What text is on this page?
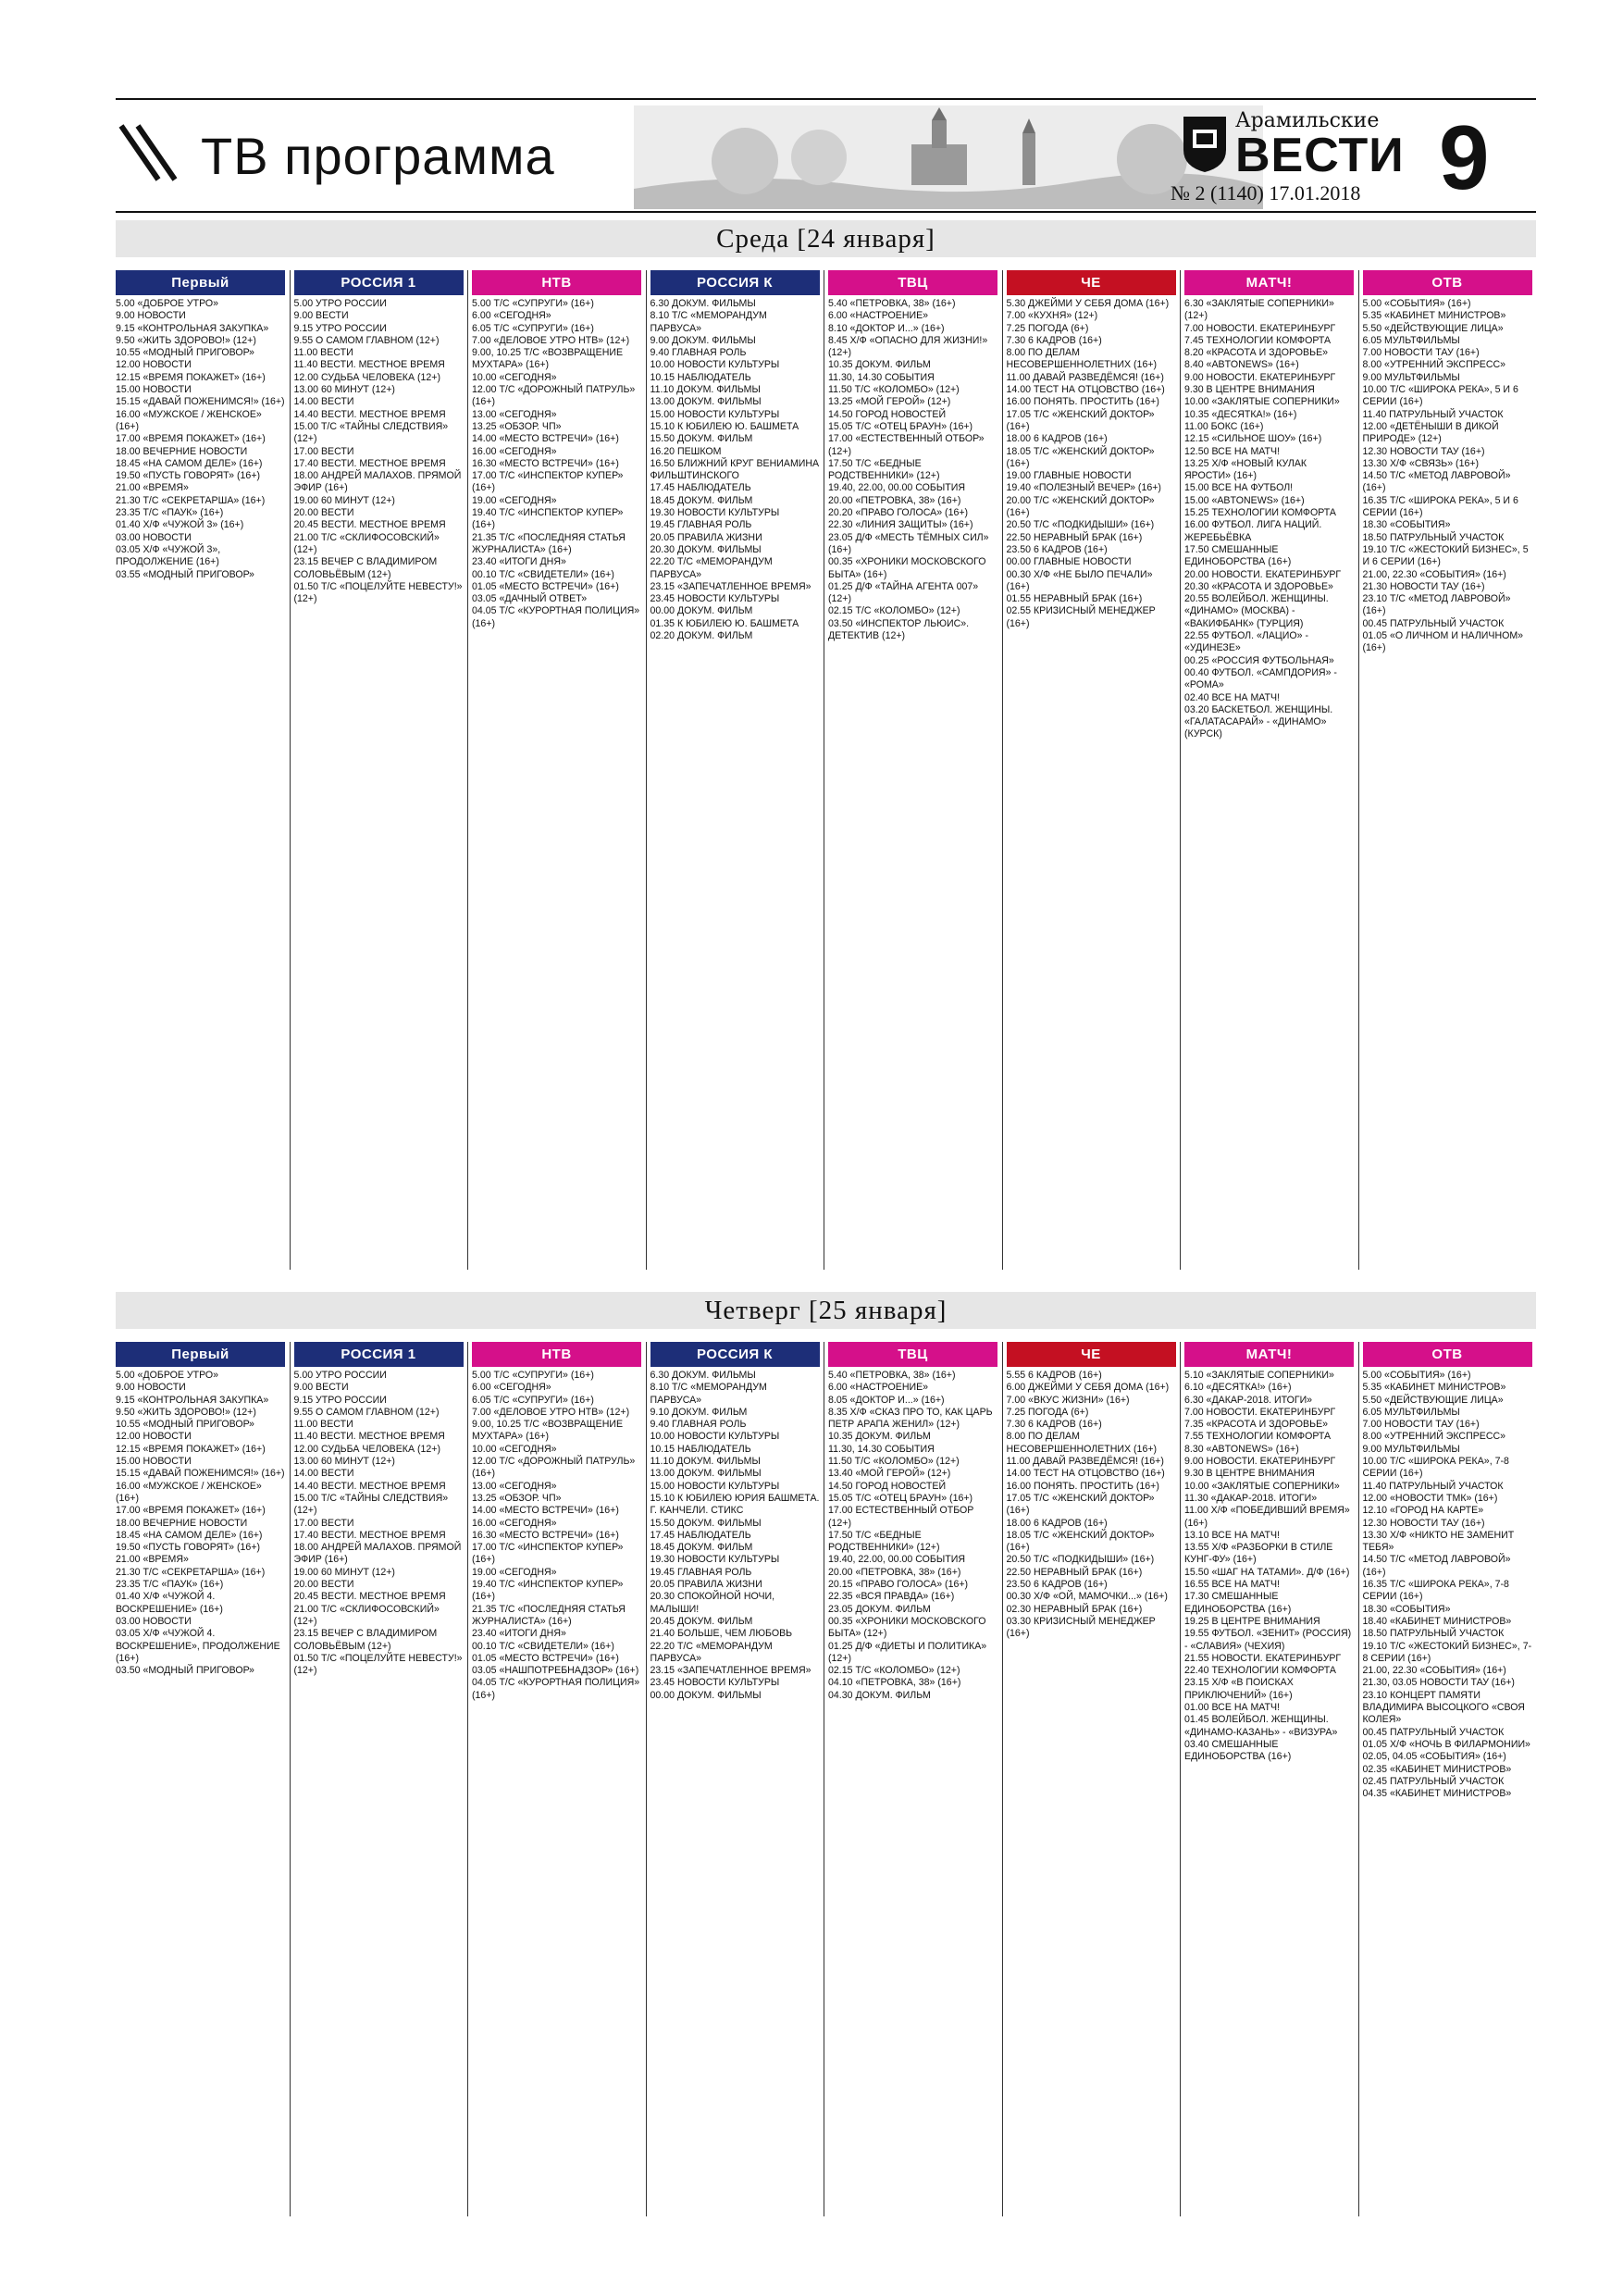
ТВ программа
Арамильские
ВЕСТИ
№ 2 (1140) 17.01.2018 9
Среда [24 января]
Первый
5.00 «ДОБРОЕ УТРО»
9.00 НОВОСТИ
9.15 «КОНТРОЛЬНАЯ ЗАКУПКА»
9.50 «ЖИТЬ ЗДОРОВО!» (12+)
10.55 «МОДНЫЙ ПРИГОВОР»
12.00 НОВОСТИ
12.15 «ВРЕМЯ ПОКАЖЕТ» (16+)
15.00 НОВОСТИ
15.15 «ДАВАЙ ПОЖЕНИМСЯ!» (16+)
16.00 «МУЖСКОЕ / ЖЕНСКОЕ» (16+)
17.00 «ВРЕМЯ ПОКАЖЕТ» (16+)
18.00 ВЕЧЕРНИЕ НОВОСТИ
18.45 «НА САМОМ ДЕЛЕ» (16+)
19.50 «ПУСТЬ ГОВОРЯТ» (16+)
21.00 «ВРЕМЯ»
21.30 Т/С «СЕКРЕТАРША» (16+)
23.35 Т/С «ПАУК» (16+)
01.40 Х/Ф «ЧУЖОЙ 3» (16+)
03.00 НОВОСТИ
03.05 Х/Ф «ЧУЖОЙ 3», ПРОДОЛЖЕНИЕ (16+)
03.55 «МОДНЫЙ ПРИГОВОР»
РОССИЯ 1
5.00 УТРО РОССИИ
9.00 ВЕСТИ
9.15 УТРО РОССИИ
9.55 О САМОМ ГЛАВНОМ (12+)
11.00 ВЕСТИ
11.40 ВЕСТИ. МЕСТНОЕ ВРЕМЯ
12.00 СУДЬБА ЧЕЛОВЕКА (12+)
13.00 60 МИНУТ (12+)
14.00 ВЕСТИ
14.40 ВЕСТИ. МЕСТНОЕ ВРЕМЯ
15.00 Т/С «ТАЙНЫ СЛЕДСТВИЯ» (12+)
17.00 ВЕСТИ
17.40 ВЕСТИ. МЕСТНОЕ ВРЕМЯ
18.00 АНДРЕЙ МАЛАХОВ. ПРЯМОЙ ЭФИР (16+)
19.00 60 МИНУТ (12+)
20.00 ВЕСТИ
20.45 ВЕСТИ. МЕСТНОЕ ВРЕМЯ
21.00 Т/С «СКЛИФОСОВСКИЙ» (12+)
23.15 ВЕЧЕР С ВЛАДИМИРОМ СОЛОВЬЁВЫМ (12+)
01.50 Т/С «ПОЦЕЛУЙТЕ НЕВЕСТУ!» (12+)
НТВ
5.00 Т/С «СУПРУГИ» (16+)
6.00 «СЕГОДНЯ»
6.05 Т/С «СУПРУГИ» (16+)
7.00 «ДЕЛОВОЕ УТРО НТВ» (12+)
9.00, 10.25 Т/С «ВОЗВРАЩЕНИЕ МУХТАРА» (16+)
10.00 «СЕГОДНЯ»
12.00 Т/С «ДОРОЖНЫЙ ПАТРУЛЬ» (16+)
13.00 «СЕГОДНЯ»
13.25 «ОБЗОР. ЧП»
14.00 «МЕСТО ВСТРЕЧИ» (16+)
16.00 «СЕГОДНЯ»
16.30 «МЕСТО ВСТРЕЧИ» (16+)
17.00 Т/С «ИНСПЕКТОР КУПЕР» (16+)
19.00 «СЕГОДНЯ»
19.40 Т/С «ИНСПЕКТОР КУПЕР» (16+)
21.35 Т/С «ПОСЛЕДНЯЯ СТАТЬЯ ЖУРНАЛИСТА» (16+)
23.40 «ИТОГИ ДНЯ»
00.10 Т/С «СВИДЕТЕЛИ» (16+)
01.05 «МЕСТО ВСТРЕЧИ» (16+)
03.05 «ДАЧНЫЙ ОТВЕТ»
04.05 Т/С «КУРОРТНАЯ ПОЛИЦИЯ» (16+)
РОССИЯ К
6.30 ДОКУМ. ФИЛЬМЫ
8.10 Т/С «МЕМОРАНДУМ ПАРВУСА»
9.00 ДОКУМ. ФИЛЬМЫ
9.40 ГЛАВНАЯ РОЛЬ
10.00 НОВОСТИ КУЛЬТУРЫ
10.15 НАБЛЮДАТЕЛЬ
11.10 ДОКУМ. ФИЛЬМЫ
13.00 ДОКУМ. ФИЛЬМЫ
15.00 НОВОСТИ КУЛЬТУРЫ
15.10 К ЮБИЛЕЮ Ю. БАШМЕТА
15.50 ДОКУМ. ФИЛЬМ
16.20 ПЕШКОМ
16.50 БЛИЖНИЙ КРУГ ВЕНИАМИНА ФИЛЬШТИНСКОГО
17.45 НАБЛЮДАТЕЛЬ
18.45 ДОКУМ. ФИЛЬМ
19.30 НОВОСТИ КУЛЬТУРЫ
19.45 ГЛАВНАЯ РОЛЬ
20.05 ПРАВИЛА ЖИЗНИ
20.30 ДОКУМ. ФИЛЬМЫ
22.20 Т/С «МЕМОРАНДУМ ПАРВУСА»
23.15 «ЗАПЕЧАТЛЕННОЕ ВРЕМЯ»
23.45 НОВОСТИ КУЛЬТУРЫ
00.00 ДОКУМ. ФИЛЬМ
01.35 К ЮБИЛЕЮ Ю. БАШМЕТА
02.20 ДОКУМ. ФИЛЬМ
ТВЦ
5.40 «ПЕТРОВКА, 38» (16+)
6.00 «НАСТРОЕНИЕ»
8.10 «ДОКТОР И...» (16+)
8.45 Х/Ф «ОПАСНО ДЛЯ ЖИЗНИ!» (12+)
10.35 ДОКУМ. ФИЛЬМ
11.30, 14.30 СОБЫТИЯ
11.50 Т/С «КОЛОМБО» (12+)
13.25 «МОЙ ГЕРОЙ» (12+)
14.50 ГОРОД НОВОСТЕЙ
15.05 Т/С «ОТЕЦ БРАУН» (16+)
17.00 «ЕСТЕСТВЕННЫЙ ОТБОР» (12+)
17.50 Т/С «БЕДНЫЕ РОДСТВЕННИКИ» (12+)
19.40, 22.00, 00.00 СОБЫТИЯ
20.00 «ПЕТРОВКА, 38» (16+)
20.20 «ПРАВО ГОЛОСА» (16+)
22.30 «ЛИНИЯ ЗАЩИТЫ» (16+)
23.05 Д/Ф «МЕСТЬ ТЁМНЫХ СИЛ» (16+)
00.35 «ХРОНИКИ МОСКОВСКОГО БЫТА» (16+)
01.25 Д/Ф «ТАЙНА АГЕНТА 007» (12+)
02.15 Т/С «КОЛОМБО» (12+)
03.50 «ИНСПЕКТОР ЛЬЮИС». ДЕТЕКТИВ (12+)
ЧЕ
5.30 ДЖЕЙМИ У СЕБЯ ДОМА (16+)
7.00 «КУХНЯ» (12+)
7.25 ПОГОДА (6+)
7.30 6 КАДРОВ (16+)
8.00 ПО ДЕЛАМ НЕСОВЕРШЕННОЛЕТНИХ (16+)
11.00 ДАВАЙ РАЗВЕДЁМСЯ! (16+)
14.00 ТЕСТ НА ОТЦОВСТВО (16+)
16.00 ПОНЯТЬ. ПРОСТИТЬ (16+)
17.05 Т/С «ЖЕНСКИЙ ДОКТОР» (16+)
18.00 6 КАДРОВ (16+)
18.05 Т/С «ЖЕНСКИЙ ДОКТОР» (16+)
19.00 ГЛАВНЫЕ НОВОСТИ
19.40 «ПОЛЕЗНЫЙ ВЕЧЕР» (16+)
20.00 Т/С «ЖЕНСКИЙ ДОКТОР» (16+)
20.50 Т/С «ПОДКИДЫШИ» (16+)
22.50 НЕРАВНЫЙ БРАК (16+)
23.50 6 КАДРОВ (16+)
00.00 ГЛАВНЫЕ НОВОСТИ
00.30 Х/Ф «НЕ БЫЛО ПЕЧАЛИ» (16+)
01.55 НЕРАВНЫЙ БРАК (16+)
02.55 КРИЗИСНЫЙ МЕНЕДЖЕР (16+)
МАТЧ!
6.30 «ЗАКЛЯТЫЕ СОПЕРНИКИ» (12+)
7.00 НОВОСТИ. ЕКАТЕРИНБУРГ
7.45 ТЕХНОЛОГИИ КОМФОРТА
8.20 «КРАСОТА И ЗДОРОВЬЕ»
8.40 «ABTONEWS» (16+)
9.00 НОВОСТИ. ЕКАТЕРИНБУРГ
9.30 В ЦЕНТРЕ ВНИМАНИЯ
10.00 «ЗАКЛЯТЫЕ СОПЕРНИКИ»
10.35 «ДЕСЯТКА!» (16+)
11.00 БОКС (16+)
12.15 «СИЛЬНОЕ ШОУ» (16+)
12.50 ВСЕ НА МАТЧ!
13.25 Х/Ф «НОВЫЙ КУЛАК ЯРОСТИ» (16+)
15.00 ВСЕ НА ФУТБОЛ!
15.00 «ABTONEWS» (16+)
15.25 ТЕХНОЛОГИИ КОМФОРТА
16.00 ФУТБОЛ. ЛИГА НАЦИЙ. ЖЕРЕБЬЁВКА
17.50 СМЕШАННЫЕ ЕДИНОБОРСТВА (16+)
20.00 НОВОСТИ. ЕКАТЕРИНБУРГ
20.30 «КРАСОТА И ЗДОРОВЬЕ»
20.55 ВОЛЕЙБОЛ. ЖЕНЩИНЫ. «ДИНАМО» (МОСКВА) - «ВАКИФБАНК» (ТУРЦИЯ)
22.55 ФУТБОЛ. «ЛАЦИО» - «УДИНЕЗЕ»
00.25 «РОССИЯ ФУТБОЛЬНАЯ»
00.40 ФУТБОЛ. «САМПДОРИЯ» - «РОМА»
02.40 ВСЕ НА МАТЧ!
03.20 БАСКЕТБОЛ. ЖЕНЩИНЫ. «ГАЛАТАСАРАЙ» - «ДИНАМО» (КУРСК)
ОТВ
5.00 «СОБЫТИЯ» (16+)
5.35 «КАБИНЕТ МИНИСТРОВ»
5.50 «ДЕЙСТВУЮЩИЕ ЛИЦА»
6.05 МУЛЬТФИЛЬМЫ
7.00 НОВОСТИ ТАУ (16+)
8.00 «УТРЕННИЙ ЭКСПРЕСС»
9.00 МУЛЬТФИЛЬМЫ
10.00 Т/С «ШИРОКА РЕКА», 5 И 6 СЕРИИ (16+)
11.40 ПАТРУЛЬНЫЙ УЧАСТОК
12.00 «ДЕТЁНЫШИ В ДИКОЙ ПРИРОДЕ» (12+)
12.30 НОВОСТИ ТАУ (16+)
13.30 Х/Ф «СВЯЗЬ» (16+)
14.50 Т/С «МЕТОД ЛАВРОВОЙ» (16+)
16.35 Т/С «ШИРОКА РЕКА», 5 И 6 СЕРИИ (16+)
18.30 «СОБЫТИЯ»
18.50 ПАТРУЛЬНЫЙ УЧАСТОК
19.10 Т/С «ЖЕСТОКИЙ БИЗНЕС», 5 И 6 СЕРИИ (16+)
21.00, 22.30 «СОБЫТИЯ» (16+)
21.30 НОВОСТИ ТАУ (16+)
23.10 Т/С «МЕТОД ЛАВРОВОЙ» (16+)
00.45 ПАТРУЛЬНЫЙ УЧАСТОК
01.05 «О ЛИЧНОМ И НАЛИЧНОМ» (16+)
Четверг [25 января]
Первый
5.00 «ДОБРОЕ УТРО»
9.00 НОВОСТИ
9.15 «КОНТРОЛЬНАЯ ЗАКУПКА»
9.50 «ЖИТЬ ЗДОРОВО!» (12+)
10.55 «МОДНЫЙ ПРИГОВОР»
12.00 НОВОСТИ
12.15 «ВРЕМЯ ПОКАЖЕТ» (16+)
15.00 НОВОСТИ
15.15 «ДАВАЙ ПОЖЕНИМСЯ!» (16+)
16.00 «МУЖСКОЕ / ЖЕНСКОЕ» (16+)
17.00 «ВРЕМЯ ПОКАЖЕТ» (16+)
18.00 ВЕЧЕРНИЕ НОВОСТИ
18.45 «НА САМОМ ДЕЛЕ» (16+)
19.50 «ПУСТЬ ГОВОРЯТ» (16+)
21.00 «ВРЕМЯ»
21.30 Т/С «СЕКРЕТАРША» (16+)
23.35 Т/С «ПАУК» (16+)
01.40 Х/Ф «ЧУЖОЙ 4. ВОСКРЕШЕНИЕ» (16+)
03.00 НОВОСТИ
03.05 Х/Ф «ЧУЖОЙ 4. ВОСКРЕШЕНИЕ», ПРОДОЛЖЕНИЕ (16+)
03.50 «МОДНЫЙ ПРИГОВОР»
РОССИЯ 1
5.00 УТРО РОССИИ
9.00 ВЕСТИ
9.15 УТРО РОССИИ
9.55 О САМОМ ГЛАВНОМ (12+)
11.00 ВЕСТИ
11.40 ВЕСТИ. МЕСТНОЕ ВРЕМЯ
12.00 СУДЬБА ЧЕЛОВЕКА (12+)
13.00 60 МИНУТ (12+)
14.00 ВЕСТИ
14.40 ВЕСТИ. МЕСТНОЕ ВРЕМЯ
15.00 Т/С «ТАЙНЫ СЛЕДСТВИЯ» (12+)
17.00 ВЕСТИ
17.40 ВЕСТИ. МЕСТНОЕ ВРЕМЯ
18.00 АНДРЕЙ МАЛАХОВ. ПРЯМОЙ ЭФИР (16+)
19.00 60 МИНУТ (12+)
20.00 ВЕСТИ
20.45 ВЕСТИ. МЕСТНОЕ ВРЕМЯ
21.00 Т/С «СКЛИФОСОВСКИЙ» (12+)
23.15 ВЕЧЕР С ВЛАДИМИРОМ СОЛОВЬЁВЫМ (12+)
01.50 Т/С «ПОЦЕЛУЙТЕ НЕВЕСТУ!» (12+)
НТВ
5.00 Т/С «СУПРУГИ» (16+)
6.00 «СЕГОДНЯ»
6.05 Т/С «СУПРУГИ» (16+)
7.00 «ДЕЛОВОЕ УТРО НТВ» (12+)
9.00, 10.25 Т/С «ВОЗВРАЩЕНИЕ МУХТАРА» (16+)
10.00 «СЕГОДНЯ»
12.00 Т/С «ДОРОЖНЫЙ ПАТРУЛЬ» (16+)
13.00 «СЕГОДНЯ»
13.25 «ОБЗОР. ЧП»
14.00 «МЕСТО ВСТРЕЧИ» (16+)
16.00 «СЕГОДНЯ»
16.30 «МЕСТО ВСТРЕЧИ» (16+)
17.00 Т/С «ИНСПЕКТОР КУПЕР» (16+)
19.00 «СЕГОДНЯ»
19.40 Т/С «ИНСПЕКТОР КУПЕР» (16+)
21.35 Т/С «ПОСЛЕДНЯЯ СТАТЬЯ ЖУРНАЛИСТА» (16+)
23.40 «ИТОГИ ДНЯ»
00.10 Т/С «СВИДЕТЕЛИ» (16+)
01.05 «МЕСТО ВСТРЕЧИ» (16+)
03.05 «НАШПОТРЕБНАДЗОР» (16+)
04.05 Т/С «КУРОРТНАЯ ПОЛИЦИЯ» (16+)
РОССИЯ К
6.30 ДОКУМ. ФИЛЬМЫ
8.10 Т/С «МЕМОРАНДУМ ПАРВУСА»
9.10 ДОКУМ. ФИЛЬМ
9.40 ГЛАВНАЯ РОЛЬ
10.00 НОВОСТИ КУЛЬТУРЫ
10.15 НАБЛЮДАТЕЛЬ
11.10 ДОКУМ. ФИЛЬМЫ
13.00 ДОКУМ. ФИЛЬМЫ
15.00 НОВОСТИ КУЛЬТУРЫ
15.10 К ЮБИЛЕЮ ЮРИЯ БАШМЕТА. Г. КАНЧЕЛИ. СТИКС
15.50 ДОКУМ. ФИЛЬМЫ
17.45 НАБЛЮДАТЕЛЬ
18.45 ДОКУМ. ФИЛЬМ
19.30 НОВОСТИ КУЛЬТУРЫ
19.45 ГЛАВНАЯ РОЛЬ
20.05 ПРАВИЛА ЖИЗНИ
20.30 СПОКОЙНОЙ НОЧИ, МАЛЫШИ!
20.45 ДОКУМ. ФИЛЬМ
21.40 БОЛЬШЕ, ЧЕМ ЛЮБОВЬ
22.20 Т/С «МЕМОРАНДУМ ПАРВУСА»
23.15 «ЗАПЕЧАТЛЕННОЕ ВРЕМЯ»
23.45 НОВОСТИ КУЛЬТУРЫ
00.00 ДОКУМ. ФИЛЬМЫ
ТВЦ
5.40 «ПЕТРОВКА, 38» (16+)
6.00 «НАСТРОЕНИЕ»
8.05 «ДОКТОР И...» (16+)
8.35 Х/Ф «СКАЗ ПРО ТО, КАК ЦАРЬ ПЕТР АРАПА ЖЕНИЛ» (12+)
10.35 ДОКУМ. ФИЛЬМ
11.30, 14.30 СОБЫТИЯ
11.50 Т/С «КОЛОМБО» (12+)
13.40 «МОЙ ГЕРОЙ» (12+)
14.50 ГОРОД НОВОСТЕЙ
15.05 Т/С «ОТЕЦ БРАУН» (16+)
17.00 ЕСТЕСТВЕННЫЙ ОТБОР (12+)
17.50 Т/С «БЕДНЫЕ РОДСТВЕННИКИ» (12+)
19.40, 22.00, 00.00 СОБЫТИЯ
20.00 «ПЕТРОВКА, 38» (16+)
20.15 «ПРАВО ГОЛОСА» (16+)
22.35 «ВСЯ ПРАВДА» (16+)
23.05 ДОКУМ. ФИЛЬМ
00.35 «ХРОНИКИ МОСКОВСКОГО БЫТА» (12+)
01.25 Д/Ф «ДИЕТЫ И ПОЛИТИКА» (12+)
02.15 Т/С «КОЛОМБО» (12+)
04.10 «ПЕТРОВКА, 38» (16+)
04.30 ДОКУМ. ФИЛЬМ
ЧЕ
5.55 6 КАДРОВ (16+)
6.00 ДЖЕЙМИ У СЕБЯ ДОМА (16+)
7.00 «ВКУС ЖИЗНИ» (16+)
7.25 ПОГОДА (6+)
7.30 6 КАДРОВ (16+)
8.00 ПО ДЕЛАМ НЕСОВЕРШЕННОЛЕТНИХ (16+)
11.00 ДАВАЙ РАЗВЕДЁМСЯ! (16+)
14.00 ТЕСТ НА ОТЦОВСТВО (16+)
16.00 ПОНЯТЬ. ПРОСТИТЬ (16+)
17.05 Т/С «ЖЕНСКИЙ ДОКТОР» (16+)
18.00 6 КАДРОВ (16+)
18.05 Т/С «ЖЕНСКИЙ ДОКТОР» (16+)
20.50 Т/С «ПОДКИДЫШИ» (16+)
22.50 НЕРАВНЫЙ БРАК (16+)
23.50 6 КАДРОВ (16+)
00.30 Х/Ф «ОЙ, МАМОЧКИ...» (16+)
02.30 НЕРАВНЫЙ БРАК (16+)
03.30 КРИЗИСНЫЙ МЕНЕДЖЕР (16+)
МАТЧ!
5.10 «ЗАКЛЯТЫЕ СОПЕРНИКИ»
6.10 «ДЕСЯТКА!» (16+)
6.30 «ДАКАР-2018. ИТОГИ»
7.00 НОВОСТИ. ЕКАТЕРИНБУРГ
7.35 «КРАСОТА И ЗДОРОВЬЕ»
7.55 ТЕХНОЛОГИИ КОМФОРТА
8.30 «ABTONEWS» (16+)
9.00 НОВОСТИ. ЕКАТЕРИНБУРГ
9.30 В ЦЕНТРЕ ВНИМАНИЯ
10.00 «ЗАКЛЯТЫЕ СОПЕРНИКИ»
11.30 «ДАКАР-2018. ИТОГИ»
11.00 Х/Ф «ПОБЕДИВШИЙ ВРЕМЯ» (16+)
13.10 ВСЕ НА МАТЧ!
13.55 Х/Ф «РАЗБОРКИ В СТИЛЕ КУНГ-ФУ» (16+)
15.50 «ШАГ НА ТАТАМИ». Д/Ф (16+)
16.55 ВСЕ НА МАТЧ!
17.30 СМЕШАННЫЕ ЕДИНОБОРСТВА (16+)
19.25 В ЦЕНТРЕ ВНИМАНИЯ
19.55 ФУТБОЛ. «ЗЕНИТ» (РОССИЯ) - «СЛАВИЯ» (ЧЕХИЯ)
21.55 НОВОСТИ. ЕКАТЕРИНБУРГ
22.40 ТЕХНОЛОГИИ КОМФОРТА
23.15 Х/Ф «В ПОИСКАХ ПРИКЛЮЧЕНИЙ» (16+)
01.00 ВСЕ НА МАТЧ!
01.45 ВОЛЕЙБОЛ. ЖЕНЩИНЫ. «ДИНАМО-КАЗАНЬ» - «ВИЗУРА»
03.40 СМЕШАННЫЕ ЕДИНОБОРСТВА (16+)
ОТВ
5.00 «СОБЫТИЯ» (16+)
5.35 «КАБИНЕТ МИНИСТРОВ»
5.50 «ДЕЙСТВУЮЩИЕ ЛИЦА»
6.05 МУЛЬТФИЛЬМЫ
7.00 НОВОСТИ ТАУ (16+)
8.00 «УТРЕННИЙ ЭКСПРЕСС»
9.00 МУЛЬТФИЛЬМЫ
10.00 Т/С «ШИРОКА РЕКА», 7-8 СЕРИИ (16+)
11.40 ПАТРУЛЬНЫЙ УЧАСТОК
12.00 «НОВОСТИ ТМК» (16+)
12.10 «ГОРОД НА КАРТЕ»
12.30 НОВОСТИ ТАУ (16+)
13.30 Х/Ф «НИКТО НЕ ЗАМЕНИТ ТЕБЯ»
14.50 Т/С «МЕТОД ЛАВРОВОЙ» (16+)
16.35 Т/С «ШИРОКА РЕКА», 7-8 СЕРИИ (16+)
18.30 «СОБЫТИЯ»
18.40 «КАБИНЕТ МИНИСТРОВ»
18.50 ПАТРУЛЬНЫЙ УЧАСТОК
19.10 Т/С «ЖЕСТОКИЙ БИЗНЕС», 7-8 СЕРИИ (16+)
21.00, 22.30 «СОБЫТИЯ» (16+)
21.30, 03.05 НОВОСТИ ТАУ (16+)
23.10 КОНЦЕРТ ПАМЯТИ ВЛАДИМИРА ВЫСОЦКОГО «СВОЯ КОЛЕЯ»
00.45 ПАТРУЛЬНЫЙ УЧАСТОК
01.05 Х/Ф «НОЧЬ В ФИЛАРМОНИИ»
02.05, 04.05 «СОБЫТИЯ» (16+)
02.35 «КАБИНЕТ МИНИСТРОВ»
02.45 ПАТРУЛЬНЫЙ УЧАСТОК
04.35 «КАБИНЕТ МИНИСТРОВ»
